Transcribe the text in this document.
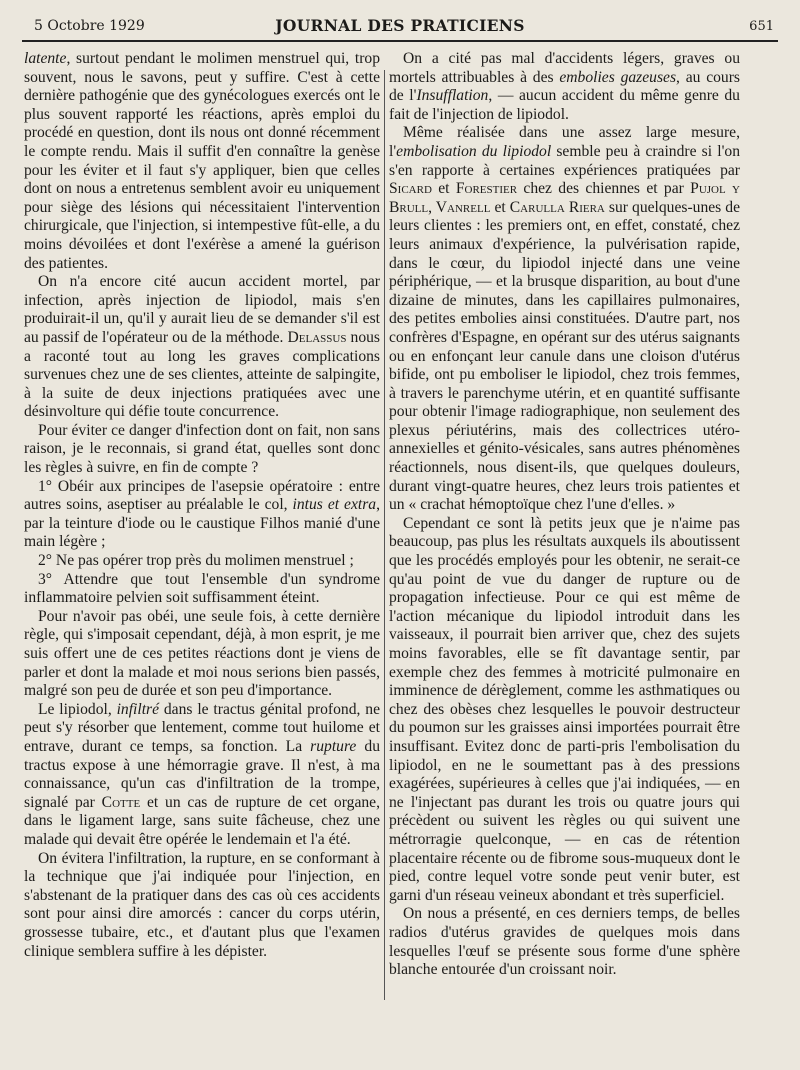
5 Octobre 1929	JOURNAL DES PRATICIENS	651

latente, surtout pendant le molimen menstruel qui, trop souvent, nous le savons, peut y suffire. C'est à cette dernière pathogénie que des gynécologues exercés ont le plus souvent rapporté les réactions, après emploi du procédé en question, dont ils nous ont donné récemment le compte rendu. Mais il suffit d'en connaître la genèse pour les éviter et il faut s'y appliquer, bien que celles dont on nous a entretenus semblent avoir eu uniquement pour siège des lésions qui nécessitaient l'intervention chirurgicale, que l'injection, si intempestive fût-elle, a du moins dévoilées et dont l'exérèse a amené la guérison des patientes.

On n'a encore cité aucun accident mortel, par infection, après injection de lipiodol, mais s'en produirait-il un, qu'il y aurait lieu de se demander s'il est au passif de l'opérateur ou de la méthode. Delassus nous a raconté tout au long les graves complications survenues chez une de ses clientes, atteinte de salpingite, à la suite de deux injections pratiquées avec une désinvolture qui défie toute concurrence.

Pour éviter ce danger d'infection dont on fait, non sans raison, je le reconnais, si grand état, quelles sont donc les règles à suivre, en fin de compte ?

1° Obéir aux principes de l'asepsie opératoire : entre autres soins, aseptiser au préalable le col, intus et extra, par la teinture d'iode ou le caustique Filhos manié d'une main légère ;

2° Ne pas opérer trop près du molimen menstruel ;

3° Attendre que tout l'ensemble d'un syndrome inflammatoire pelvien soit suffisamment éteint.

Pour n'avoir pas obéi, une seule fois, à cette dernière règle, qui s'imposait cependant, déjà, à mon esprit, je me suis offert une de ces petites réactions dont je viens de parler et dont la malade et moi nous serions bien passés, malgré son peu de durée et son peu d'importance.

Le lipiodol, infiltré dans le tractus génital profond, ne peut s'y résorber que lentement, comme tout huilome et entrave, durant ce temps, sa fonction. La rupture du tractus expose à une hémorragie grave. Il n'est, à ma connaissance, qu'un cas d'infiltration de la trompe, signalé par Cotte et un cas de rupture de cet organe, dans le ligament large, sans suite fâcheuse, chez une malade qui devait être opérée le lendemain et l'a été.

On évitera l'infiltration, la rupture, en se conformant à la technique que j'ai indiquée pour l'injection, en s'abstenant de la pratiquer dans des cas où ces accidents sont pour ainsi dire amorcés : cancer du corps utérin, grossesse tubaire, etc., et d'autant plus que l'examen clinique semblera suffire à les dépister.

On a cité pas mal d'accidents légers, graves ou mortels attribuables à des embolies gazeuses, au cours de l'Insufflation, — aucun accident du même genre du fait de l'injection de lipiodol.

Même réalisée dans une assez large mesure, l'embolisation du lipiodol semble peu à craindre si l'on s'en rapporte à certaines expériences pratiquées par Sicard et Forestier chez des chiennes et par Pujol y Brull, Vanrell et Carulla Riera sur quelques-unes de leurs clientes : les premiers ont, en effet, constaté, chez leurs animaux d'expérience, la pulvérisation rapide, dans le cœur, du lipiodol injecté dans une veine périphérique, — et la brusque disparition, au bout d'une dizaine de minutes, dans les capillaires pulmonaires, des petites embolies ainsi constituées. D'autre part, nos confrères d'Espagne, en opérant sur des utérus saignants ou en enfonçant leur canule dans une cloison d'utérus bifide, ont pu emboliser le lipiodol, chez trois femmes, à travers le parenchyme utérin, et en quantité suffisante pour obtenir l'image radiographique, non seulement des plexus périutérins, mais des collectrices utéro-annexielles et génito-vésicales, sans autres phénomènes réactionnels, nous disent-ils, que quelques douleurs, durant vingt-quatre heures, chez leurs trois patientes et un « crachat hémoptoïque chez l'une d'elles. »

Cependant ce sont là petits jeux que je n'aime pas beaucoup, pas plus les résultats auxquels ils aboutissent que les procédés employés pour les obtenir, ne serait-ce qu'au point de vue du danger de rupture ou de propagation infectieuse. Pour ce qui est même de l'action mécanique du lipiodol introduit dans les vaisseaux, il pourrait bien arriver que, chez des sujets moins favorables, elle se fît davantage sentir, par exemple chez des femmes à motricité pulmonaire en imminence de dérèglement, comme les asthmatiques ou chez des obèses chez lesquelles le pouvoir destructeur du poumon sur les graisses ainsi importées pourrait être insuffisant. Evitez donc de parti-pris l'embolisation du lipiodol, en ne le soumettant pas à des pressions exagérées, supérieures à celles que j'ai indiquées, — en ne l'injectant pas durant les trois ou quatre jours qui précèdent ou suivent les règles ou qui suivent une métrorragie quelconque, — en cas de rétention placentaire récente ou de fibrome sous-muqueux dont le pied, contre lequel votre sonde peut venir buter, est garni d'un réseau veineux abondant et très superficiel.

On nous a présenté, en ces derniers temps, de belles radios d'utérus gravides de quelques mois dans lesquelles l'œuf se présente sous forme d'une sphère blanche entourée d'un croissant noir.
